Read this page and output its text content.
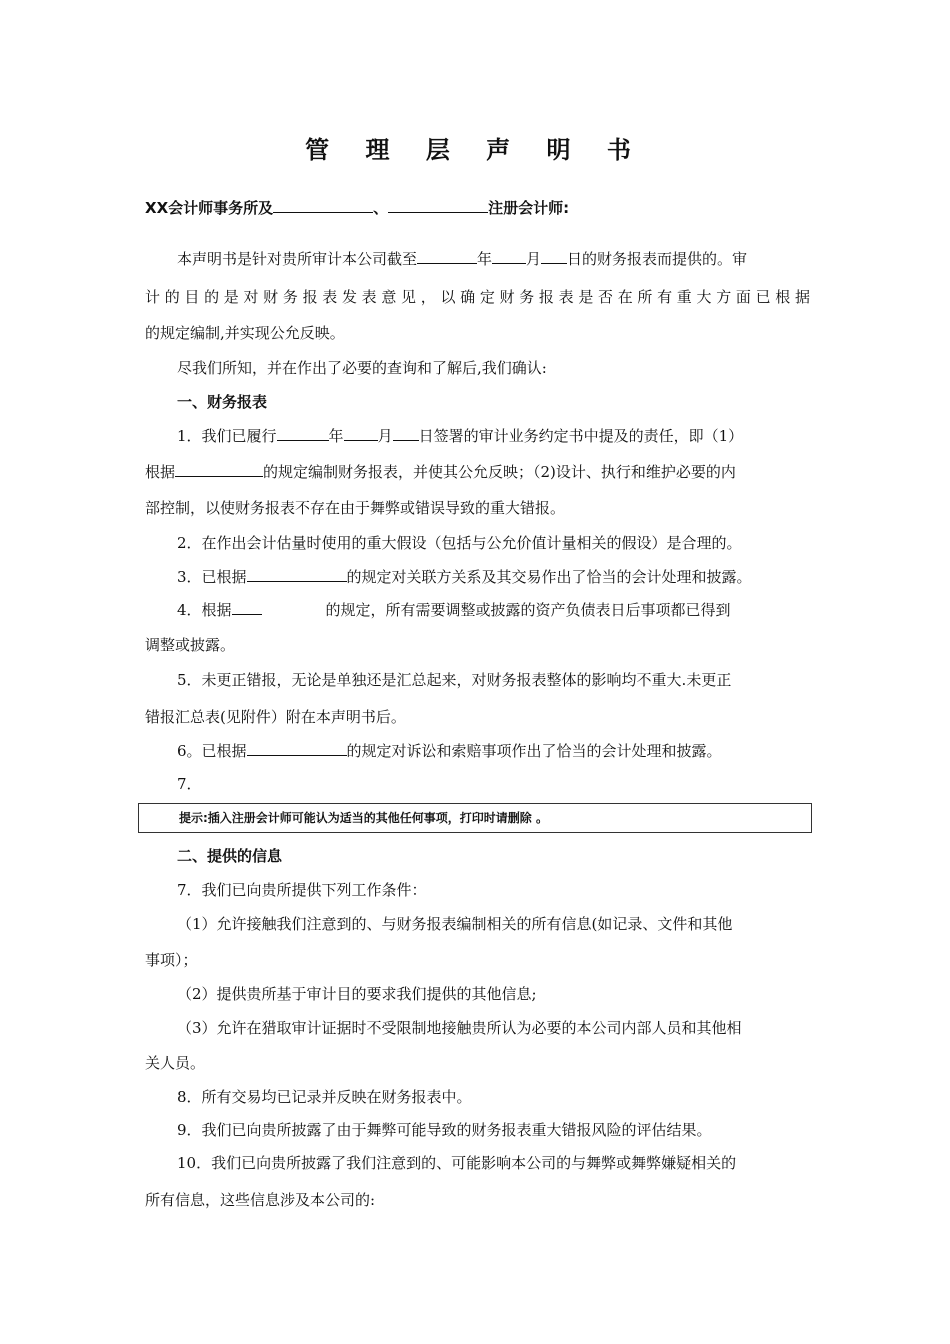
管 理 层 声 明 书
XX会计师事务所及	、	注册会计师:
本声明书是针对贵所审计本公司截至	年 月 日的财务报表而提供的。审
计的目的是对财务报表发表意见，以确定财务报表是否在所有重大方面已根据
的规定编制,并实现公允反映。
尽我们所知，并在作出了必要的查询和了解后,我们确认:
一、财务报表
1．我们已履行	年 月 日签署的审计业务约定书中提及的责任，即（1）
根据	的规定编制财务报表，并使其公允反映；（2)设计、执行和维护必要的内
部控制，以使财务报表不存在由于舞弊或错误导致的重大错报。
2．在作出会计估量时使用的重大假设（包括与公允价值计量相关的假设）是合理的。
3．已根据	的规定对关联方关系及其交易作出了恰当的会计处理和披露。
4．根据	的规定，所有需要调整或披露的资产负债表日后事项都已得到
调整或披露。
5．未更正错报，无论是单独还是汇总起来，对财务报表整体的影响均不重大.未更正
错报汇总表(见附件）附在本声明书后。
6。已根据	的规定对诉讼和索赔事项作出了恰当的会计处理和披露。
7．
提示:插入注册会计师可能认为适当的其他任何事项，打印时请删除 。
二、提供的信息
7．我们已向贵所提供下列工作条件：
（1）允许接触我们注意到的、与财务报表编制相关的所有信息(如记录、文件和其他
事项）；
（2）提供贵所基于审计目的要求我们提供的其他信息;
（3）允许在猎取审计证据时不受限制地接触贵所认为必要的本公司内部人员和其他相
关人员。
8．所有交易均已记录并反映在财务报表中。
9．我们已向贵所披露了由于舞弊可能导致的财务报表重大错报风险的评估结果。
10．我们已向贵所披露了我们注意到的、可能影响本公司的与舞弊或舞弊嫌疑相关的
所有信息，这些信息涉及本公司的:
